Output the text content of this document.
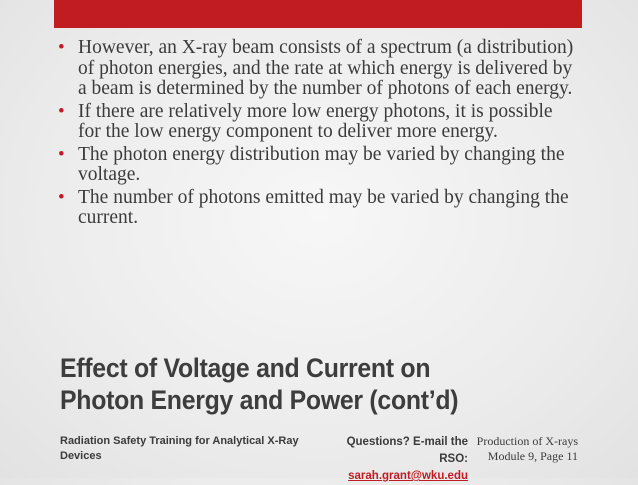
• However, an X-ray beam consists of a spectrum (a distribution) of photon energies, and the rate at which energy is delivered by a beam is determined by the number of photons of each energy.
• If there are relatively more low energy photons, it is possible for the low energy component to deliver more energy.
• The photon energy distribution may be varied by changing the voltage.
• The number of photons emitted may be varied by changing the current.
Effect of Voltage and Current on
Photon Energy and Power (cont’d)
Radiation Safety Training for Analytical X-Ray Devices
Questions? E-mail the RSO:
sarah.grant@wku.edu
Production of X-rays
Module 9, Page 11
